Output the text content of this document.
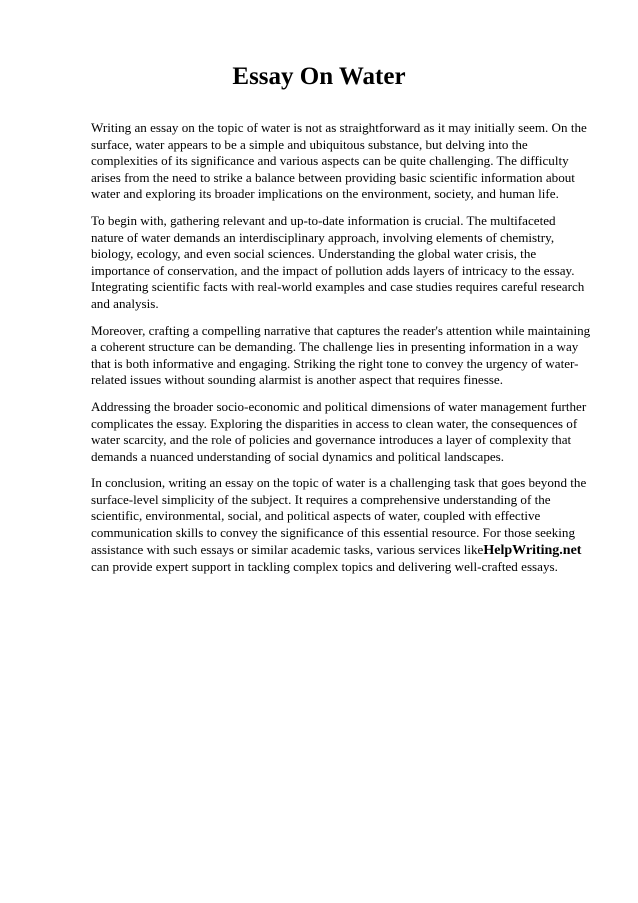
Essay On Water

Writing an essay on the topic of water is not as straightforward as it may initially seem. On the surface, water appears to be a simple and ubiquitous substance, but delving into the complexities of its significance and various aspects can be quite challenging. The difficulty arises from the need to strike a balance between providing basic scientific information about water and exploring its broader implications on the environment, society, and human life.

To begin with, gathering relevant and up-to-date information is crucial. The multifaceted nature of water demands an interdisciplinary approach, involving elements of chemistry, biology, ecology, and even social sciences. Understanding the global water crisis, the importance of conservation, and the impact of pollution adds layers of intricacy to the essay. Integrating scientific facts with real-world examples and case studies requires careful research and analysis.

Moreover, crafting a compelling narrative that captures the reader's attention while maintaining a coherent structure can be demanding. The challenge lies in presenting information in a way that is both informative and engaging. Striking the right tone to convey the urgency of water-related issues without sounding alarmist is another aspect that requires finesse.

Addressing the broader socio-economic and political dimensions of water management further complicates the essay. Exploring the disparities in access to clean water, the consequences of water scarcity, and the role of policies and governance introduces a layer of complexity that demands a nuanced understanding of social dynamics and political landscapes.

In conclusion, writing an essay on the topic of water is a challenging task that goes beyond the surface-level simplicity of the subject. It requires a comprehensive understanding of the scientific, environmental, social, and political aspects of water, coupled with effective communication skills to convey the significance of this essential resource. For those seeking assistance with such essays or similar academic tasks, various services likeHelpWriting.net can provide expert support in tackling complex topics and delivering well-crafted essays.
